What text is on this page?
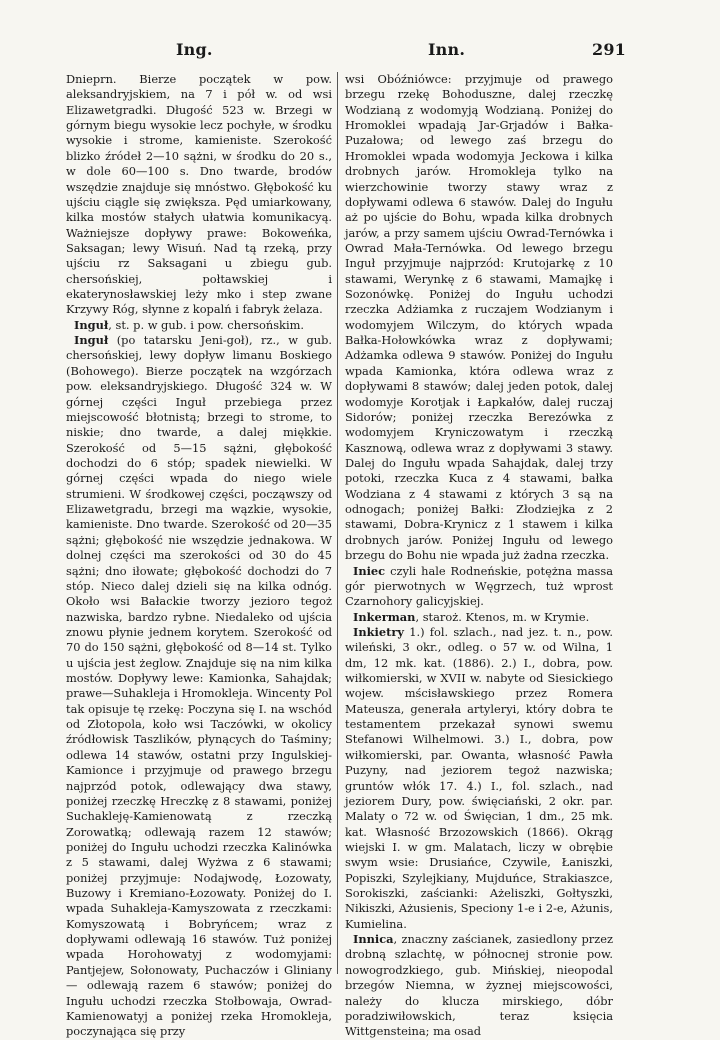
Ing.	Inn.	291

Dnieprn. Bierze początek w pow. aleksandryjskiem, na 7 i pół w. od wsi Elizawetgradki. Długość 523 w. Brzegi w górnym biegu wysokie lecz pochyłe, w środku wysokie i strome, kamieniste. Szerokość blizko źródeł 2—10 sążni, w środku do 20 s., w dole 60—100 s. Dno twarde, brodów wszędzie znajduje się mnóstwo. Głębokość ku ujściu ciągle się zwiększa. Pęd umiarkowany, kilka mostów stałych ułatwia komunikacyą. Ważniejsze dopływy prawe: Bokoweńka, Saksagan; lewy Wisuń. Nad tą rzeką, przy ujściu rz Saksagani u zbiegu gub. chersońskiej, połtawskiej i ekaterynosławskiej leży mko i step zwane Krzywy Róg, słynne z kopalń i fabryk żelaza.

Inguł, st. p. w gub. i pow. chersońskim.

Inguł (po tatarsku Jeni-goł), rz., w gub. chersońskiej, lewy dopływ limanu Boskiego (Bohowego). Bierze początek na wzgórzach pow. eleksandryjskiego. Długość 324 w. W górnej części Inguł przebiega przez miejscowość błotnistą; brzegi to strome, to niskie; dno twarde, a dalej miękkie. Szerokość od 5—15 sążni, głębokość dochodzi do 6 stóp; spadek niewielki. W górnej części wpada do niego wiele strumieni. W środkowej części, począwszy od Elizawetgradu, brzegi ma wązkie, wysokie, kamieniste. Dno twarde. Szerokość od 20—35 sążni; głębokość nie wszędzie jednakowa. W dolnej części ma szerokości od 30 do 45 sążni; dno iłowate; głębokość dochodzi do 7 stóp. Nieco dalej dzieli się na kilka odnóg. Około wsi Bałackie tworzy jezioro tegoż nazwiska, bardzo rybne. Niedaleko od ujścia znowu płynie jednem korytem. Szerokość od 70 do 150 sążni, głębokość od 8—14 st. Tylko u ujścia jest żeglow. Znajduje się na nim kilka mostów. Dopływy lewe: Kamionka, Sahajdak; prawe—Suhakleja i Hromokleja. Wincenty Pol tak opisuje tę rzekę: Poczyna się I. na wschód od Złotopola, koło wsi Taczówki, w okolicy źródłowisk Taszlików, płynących do Taśminy; odlewa 14 stawów, ostatni przy Ingulskiej-Kamionce i przyjmuje od prawego brzegu najprzód potok, odlewający dwa stawy, poniżej rzeczkę Hreczkę z 8 stawami, poniżej Suchakleję-Kamienowatą z rzeczką Zorowatką; odlewają razem 12 stawów; poniżej do Ingułu uchodzi rzeczka Kalinówka z 5 stawami, dalej Wyżwa z 6 stawami; poniżej przyjmuje: Nodajwodę, Łozowaty, Buzowy i Kremiano-Łozowaty. Poniżej do I. wpada Suhakleja-Kamyszowata z rzeczkami: Komyszowatą i Bobryńcem; wraz z dopływami odlewają 16 stawów. Tuż poniżej wpada Horohowatyj z wodomyjami: Pantjejew, Sołonowaty, Puchaczów i Gliniany — odlewają razem 6 stawów; poniżej do Ingułu uchodzi rzeczka Stołbowaja, Owrad-Kamienowatyj a poniżej rzeka Hromokleja, poczynająca się przy

wsi Obóźniówce: przyjmuje od prawego brzegu rzekę Bohoduszne, dalej rzeczkę Wodzianą z wodomyją Wodzianą. Poniżej do Hromoklei wpadają Jar-Grjadów i Bałka-Puzałowa; od lewego zaś brzegu do Hromoklei wpada wodomyja Jeckowa i kilka drobnych jarów. Hromokleja tylko na wierzchowinie tworzy stawy wraz z dopływami odlewa 6 stawów. Dalej do Ingułu aż po ujście do Bohu, wpada kilka drobnych jarów, a przy samem ujściu Owrad-Ternówka i Owrad Mała-Ternówka. Od lewego brzegu Inguł przyjmuje najprzód: Krutojarkę z 10 stawami, Werynkę z 6 stawami, Mamajkę i Sozonówkę. Poniżej do Ingułu uchodzi rzeczka Adżiamka z ruczajem Wodzianym i wodomyjem Wilczym, do których wpada Bałka-Hołowkówka wraz z dopływami; Adżamka odlewa 9 stawów. Poniżej do Ingułu wpada Kamionka, która odlewa wraz z dopływami 8 stawów; dalej jeden potok, dalej wodomyje Korotjak i Łapkałów, dalej ruczaj Sidorów; poniżej rzeczka Berezówka z wodomyjem Kryniczowatym i rzeczką Kasznową, odlewa wraz z dopływami 3 stawy. Dalej do Ingułu wpada Sahajdak, dalej trzy potoki, rzeczka Kuca z 4 stawami, bałka Wodziana z 4 stawami z których 3 są na odnogach; poniżej Bałki: Złodziejka z 2 stawami, Dobra-Krynicz z 1 stawem i kilka drobnych jarów. Poniżej Ingułu od lewego brzegu do Bohu nie wpada już żadna rzeczka.

Iniec czyli hale Rodneńskie, potężna massa gór pierwotnych w Węgrzech, tuż wprost Czarnohory galicyjskiej.

Inkerman, staroż. Ktenos, m. w Krymie.

Inkietry 1.) fol. szlach., nad jez. t. n., pow. wileński, 3 okr., odleg. o 57 w. od Wilna, 1 dm, 12 mk. kat. (1886). 2.) I., dobra, pow. wiłkomierski, w XVII w. nabyte od Siesickiego wojew. mścisławskiego przez Romera Mateusza, generała artyleryi, który dobra te testamentem przekazał synowi swemu Stefanowi Wilhelmowi. 3.) I., dobra, pow wiłkomierski, par. Owanta, własność Pawła Puzyny, nad jeziorem tegoż nazwiska; gruntów włók 17. 4.) I., fol. szlach., nad jeziorem Dury, pow. święciański, 2 okr. par. Malaty o 72 w. od Święcian, 1 dm., 25 mk. kat. Własność Brzozowskich (1866). Okrąg wiejski I. w gm. Malatach, liczy w obrębie swym wsie: Drusiańce, Czywile, Łaniszki, Popiszki, Szylejkiany, Mujduńce, Strakiaszce, Sorokiszki, zaścianki: Ażeliszki, Gołtyszki, Nikiszki, Ażusienis, Speciony 1-e i 2-e, Ażunis, Kumielina.

Innica, znaczny zaścianek, zasiedlony przez drobną szlachtę, w północnej stronie pow. nowogrodzkiego, gub. Mińskiej, nieopodal brzegów Niemna, w żyznej miejscowości, należy do klucza mirskiego, dóbr poradziwiłowskich, teraz księcia Wittgensteina; ma osad
